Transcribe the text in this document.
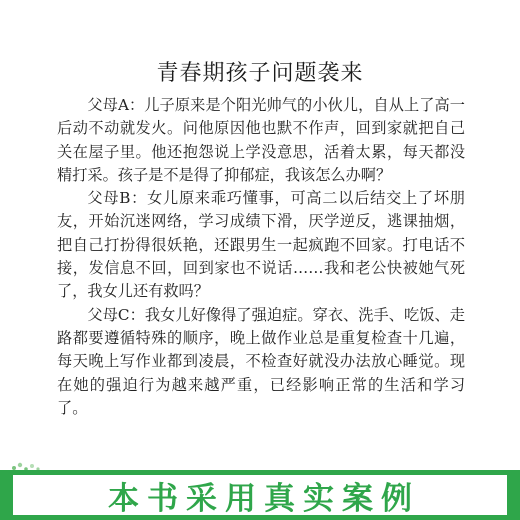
青春期孩子问题袭来

父母A：儿子原来是个阳光帅气的小伙儿，自从上了高一后动不动就发火。问他原因他也默不作声，回到家就把自己关在屋子里。他还抱怨说上学没意思，活着太累，每天都没精打采。孩子是不是得了抑郁症，我该怎么办啊？

父母B：女儿原来乖巧懂事，可高二以后结交上了坏朋友，开始沉迷网络，学习成绩下滑，厌学逆反，逃课抽烟，把自己打扮得很妖艳，还跟男生一起疯跑不回家。打电话不接，发信息不回，回到家也不说话……我和老公快被她气死了，我女儿还有救吗？

父母C：我女儿好像得了强迫症。穿衣、洗手、吃饭、走路都要遵循特殊的顺序，晚上做作业总是重复检查十几遍，每天晚上写作业都到凌晨，不检查好就没办法放心睡觉。现在她的强迫行为越来越严重，已经影响正常的生活和学习了。

本书采用真实案例
